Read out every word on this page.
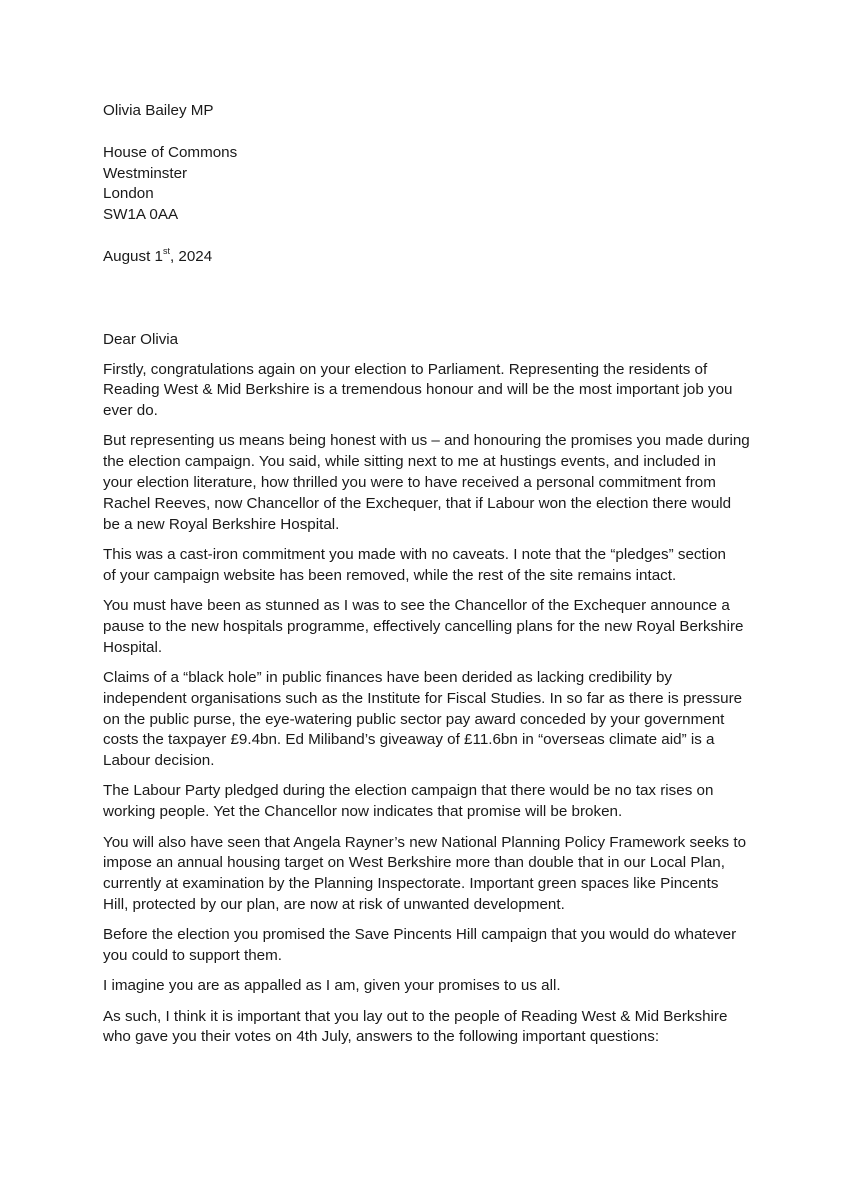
Olivia Bailey MP
House of Commons
Westminster
London
SW1A 0AA
August 1st, 2024
Dear Olivia

Firstly, congratulations again on your election to Parliament. Representing the residents of
Reading West & Mid Berkshire is a tremendous honour and will be the most important job you
ever do.

But representing us means being honest with us – and honouring the promises you made during
the election campaign. You said, while sitting next to me at hustings events, and included in
your election literature, how thrilled you were to have received a personal commitment from
Rachel Reeves, now Chancellor of the Exchequer, that if Labour won the election there would
be a new Royal Berkshire Hospital.

This was a cast-iron commitment you made with no caveats. I note that the “pledges” section
of your campaign website has been removed, while the rest of the site remains intact.

You must have been as stunned as I was to see the Chancellor of the Exchequer announce a
pause to the new hospitals programme, effectively cancelling plans for the new Royal Berkshire
Hospital.

Claims of a “black hole” in public finances have been derided as lacking credibility by
independent organisations such as the Institute for Fiscal Studies. In so far as there is pressure
on the public purse, the eye-watering public sector pay award conceded by your government
costs the taxpayer £9.4bn. Ed Miliband’s giveaway of £11.6bn in “overseas climate aid” is a
Labour decision.

The Labour Party pledged during the election campaign that there would be no tax rises on
working people. Yet the Chancellor now indicates that promise will be broken.

You will also have seen that Angela Rayner’s new National Planning Policy Framework seeks to
impose an annual housing target on West Berkshire more than double that in our Local Plan,
currently at examination by the Planning Inspectorate. Important green spaces like Pincents
Hill, protected by our plan, are now at risk of unwanted development.

Before the election you promised the Save Pincents Hill campaign that you would do whatever
you could to support them.

I imagine you are as appalled as I am, given your promises to us all.

As such, I think it is important that you lay out to the people of Reading West & Mid Berkshire
who gave you their votes on 4th July, answers to the following important questions:
